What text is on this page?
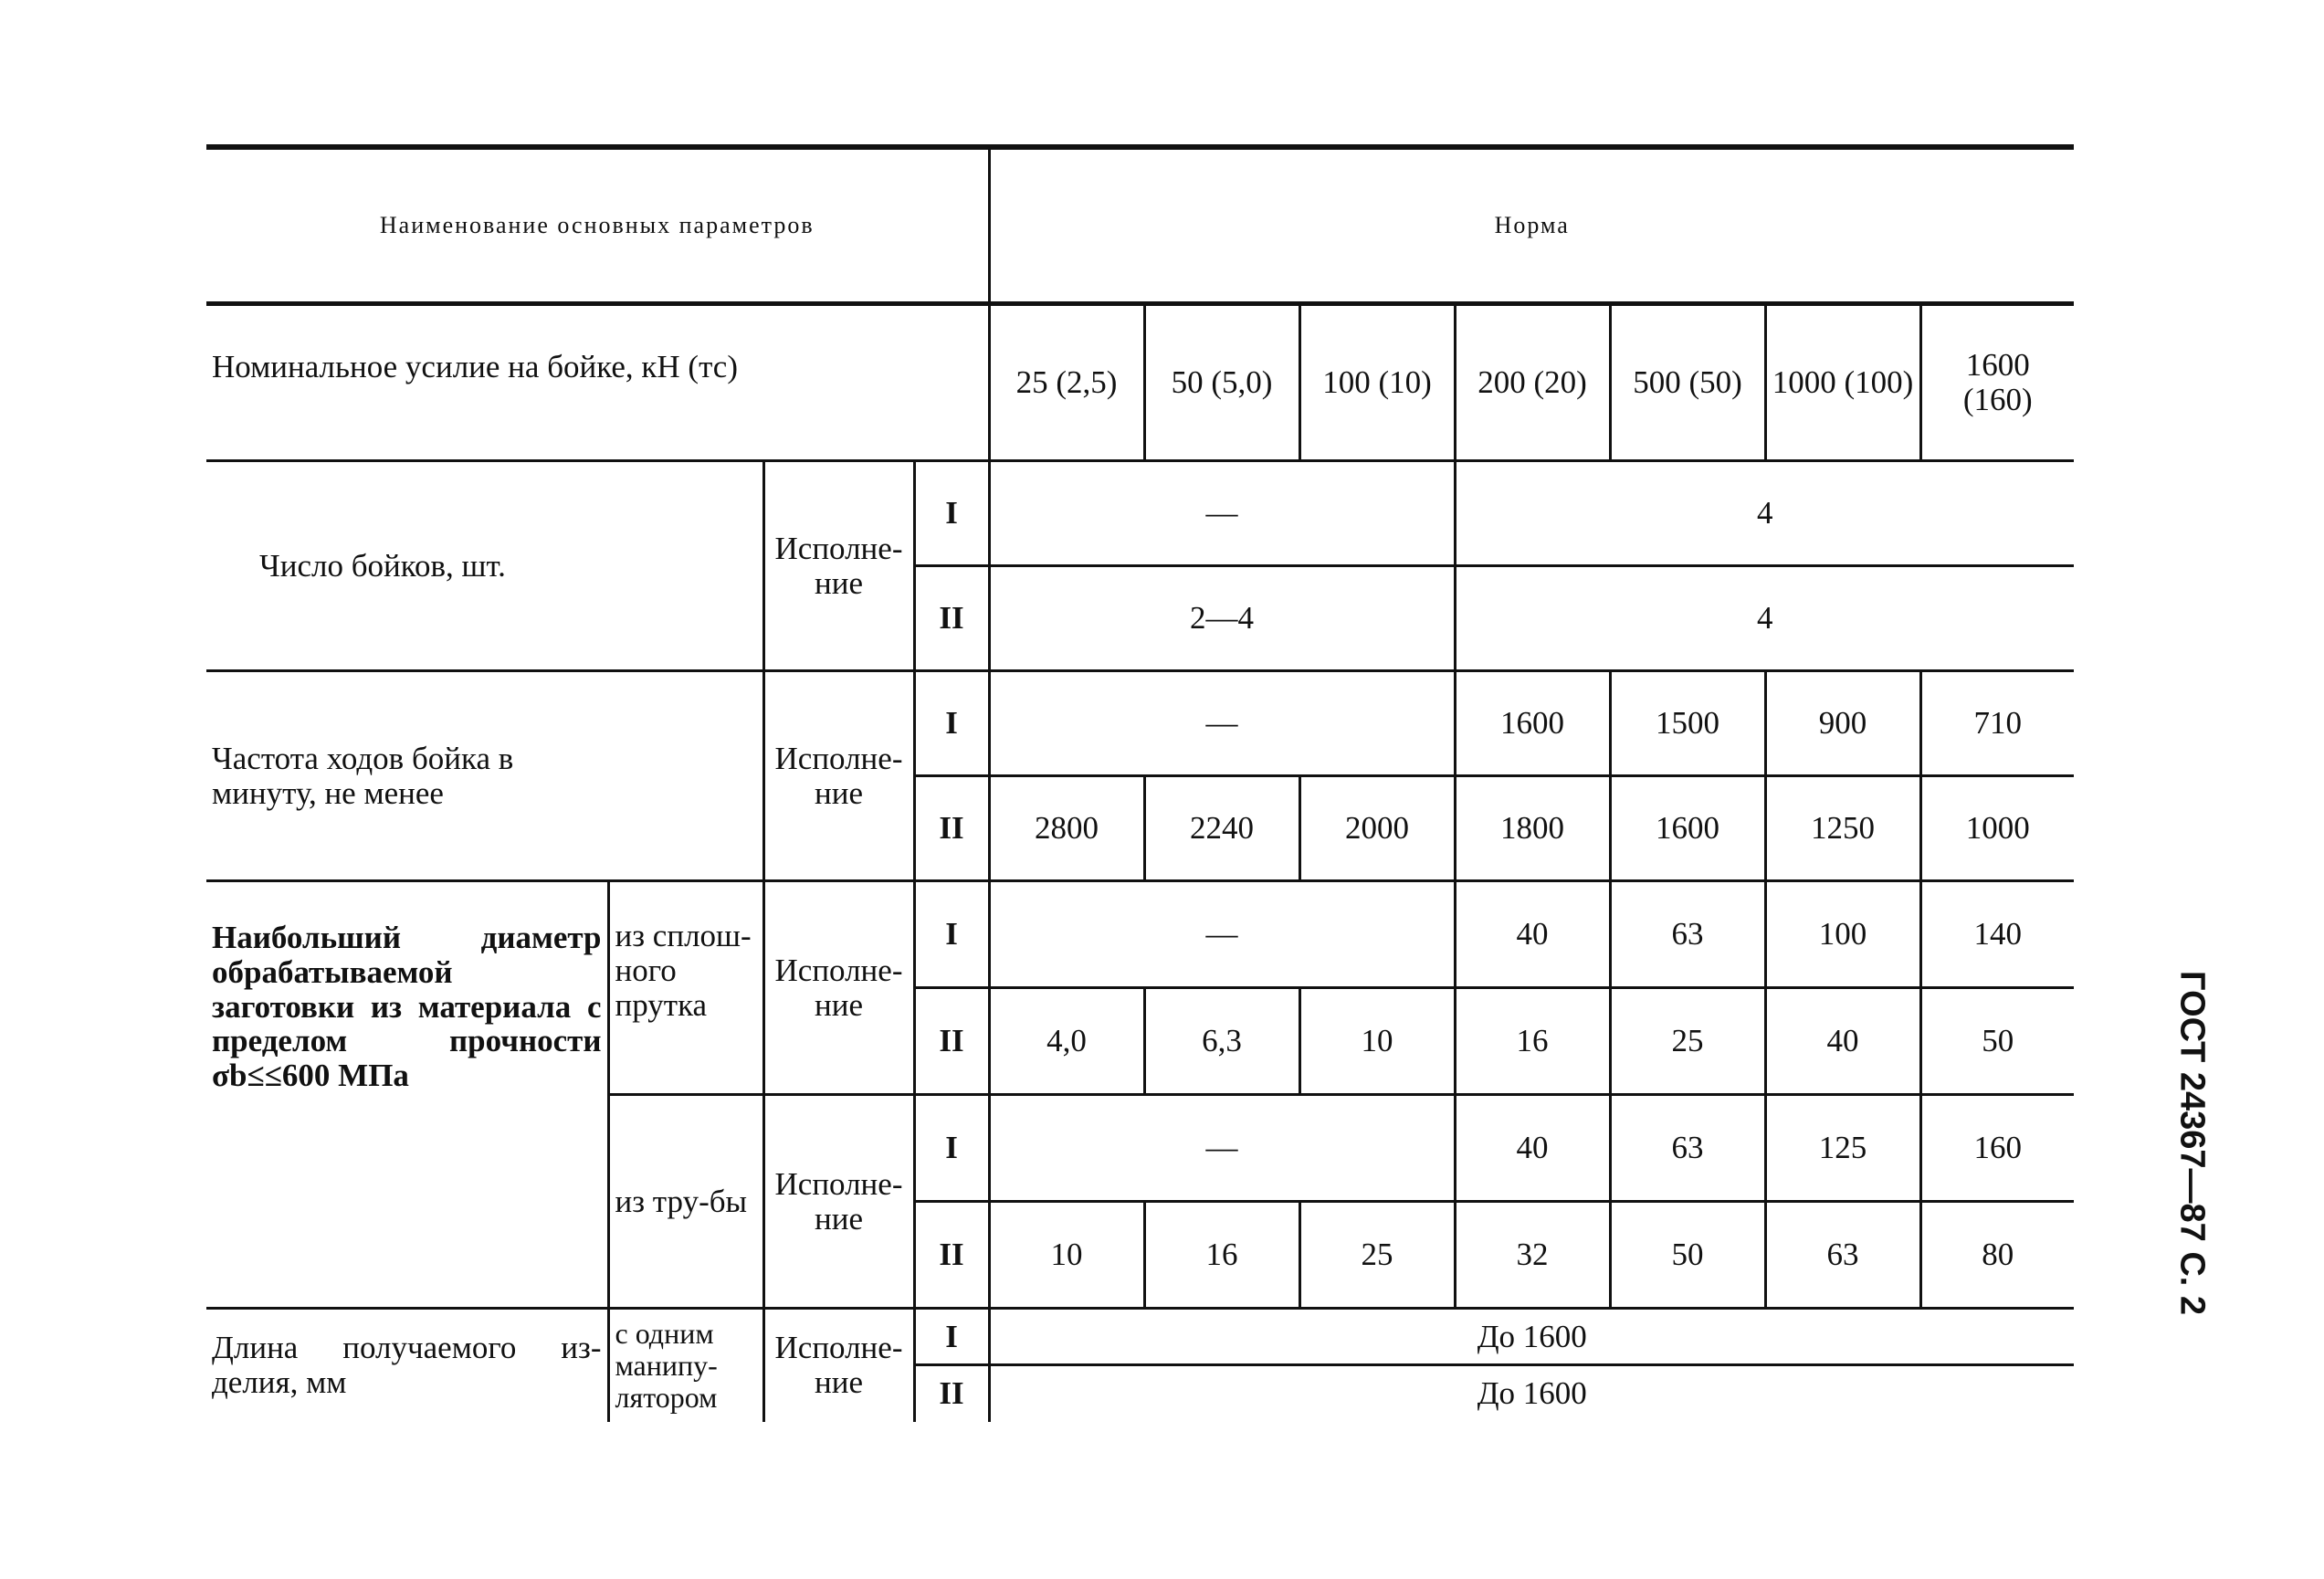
Наименование основных параметров				Норма						
Номинальное усилие на бойке, кН (тс)				25 (2,5)	50 (5,0)	100 (10)	200 (20)	500 (50)	1000 (100)	1600 (160)
Число бойков, шт.		Исполне-ние	I	—			4			
			II	2—4			4			
Частота ходов бойка в минуту, не менее		Исполне-ние	I	—			1600	1500	900	710
			II	2800	2240	2000	1800	1600	1250	1000
Наибольший диаметр обрабатываемой заготовки из материала с пределом прочности σb≤≤600 МПа	из сплош-ного прутка	Исполне-ние	I	—			40	63	100	140
			II	4,0	6,3	10	16	25	40	50
	из тру-бы	Исполне-ние	I	—			40	63	125	160
			II	10	16	25	32	50	63	80
Длина получаемого из-делия, мм	с одним манипу-лятором	Исполне-ние	I	До 1600						
			II	До 1600						
ГОСТ 24367—87 С. 2
